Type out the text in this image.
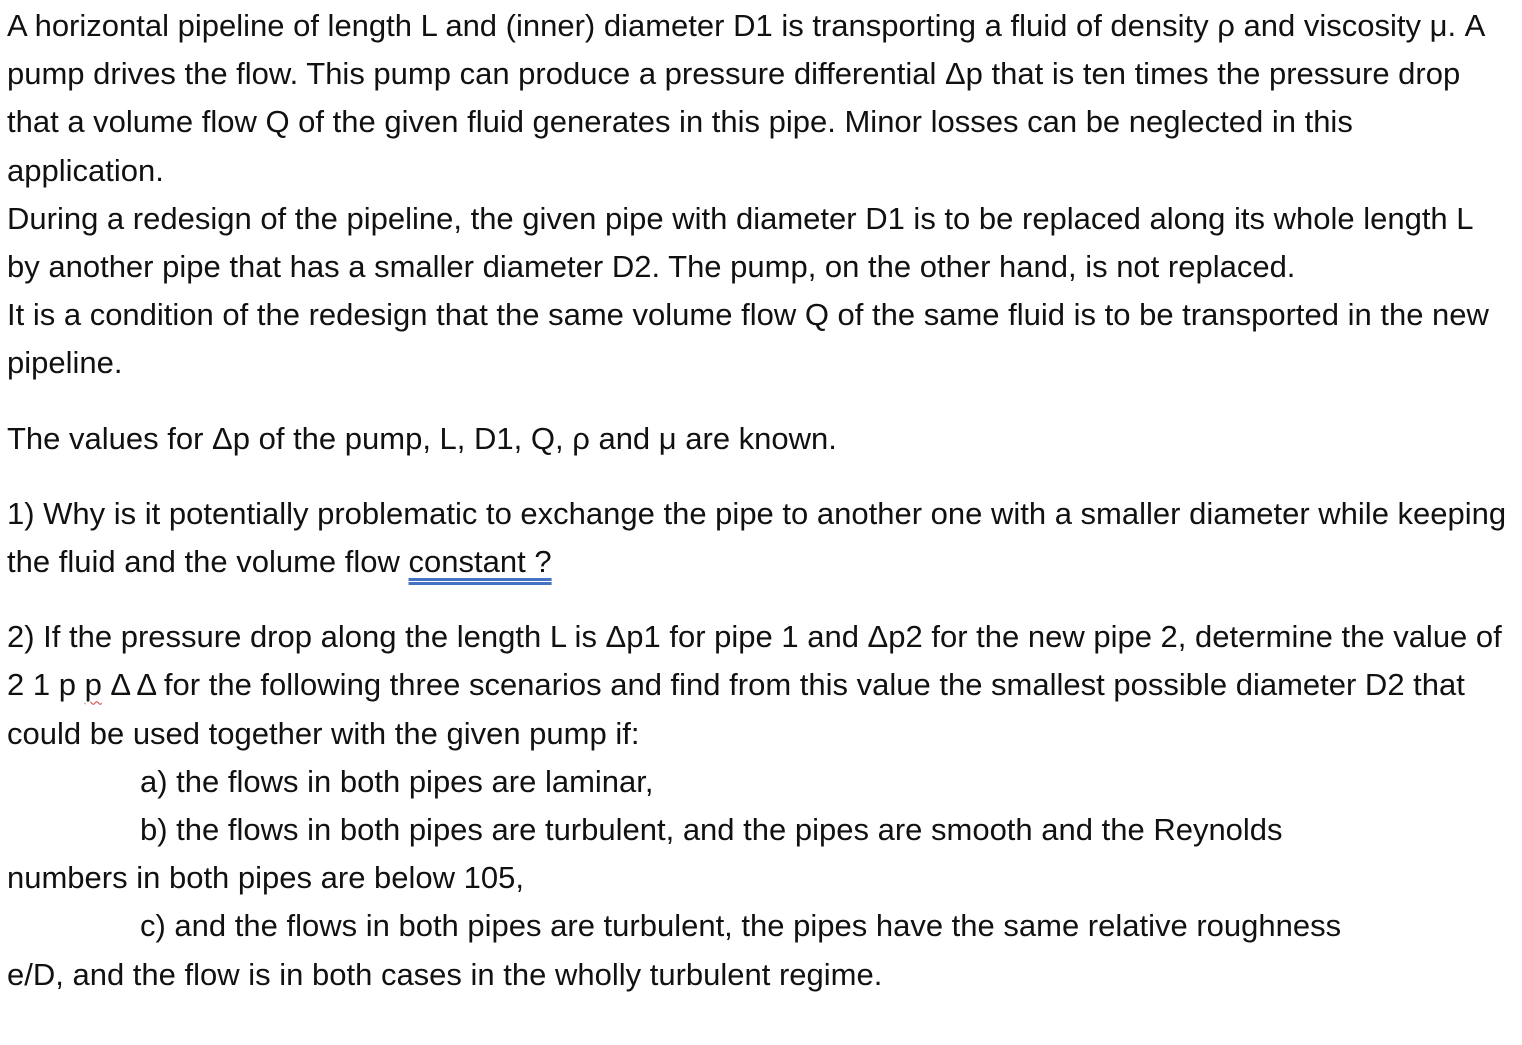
A horizontal pipeline of length L and (inner) diameter D1 is transporting a fluid of density ρ and viscosity μ. A pump drives the flow. This pump can produce a pressure differential Δp that is ten times the pressure drop that a volume flow Q of the given fluid generates in this pipe. Minor losses can be neglected in this application.

During a redesign of the pipeline, the given pipe with diameter D1 is to be replaced along its whole length L by another pipe that has a smaller diameter D2. The pump, on the other hand, is not replaced.

It is a condition of the redesign that the same volume flow Q of the same fluid is to be transported in the new pipeline.

The values for Δp of the pump, L, D1, Q, ρ and μ are known.

1) Why is it potentially problematic to exchange the pipe to another one with a smaller diameter while keeping the fluid and the volume flow constant ?

2) If the pressure drop along the length L is Δp1 for pipe 1 and Δp2 for the new pipe 2, determine the value of 2 1 p p Δ Δ for the following three scenarios and find from this value the smallest possible diameter D2 that could be used together with the given pump if:

a) the flows in both pipes are laminar,

b) the flows in both pipes are turbulent, and the pipes are smooth and the Reynolds

numbers in both pipes are below 105,

c) and the flows in both pipes are turbulent, the pipes have the same relative roughness

e/D, and the flow is in both cases in the wholly turbulent regime.
